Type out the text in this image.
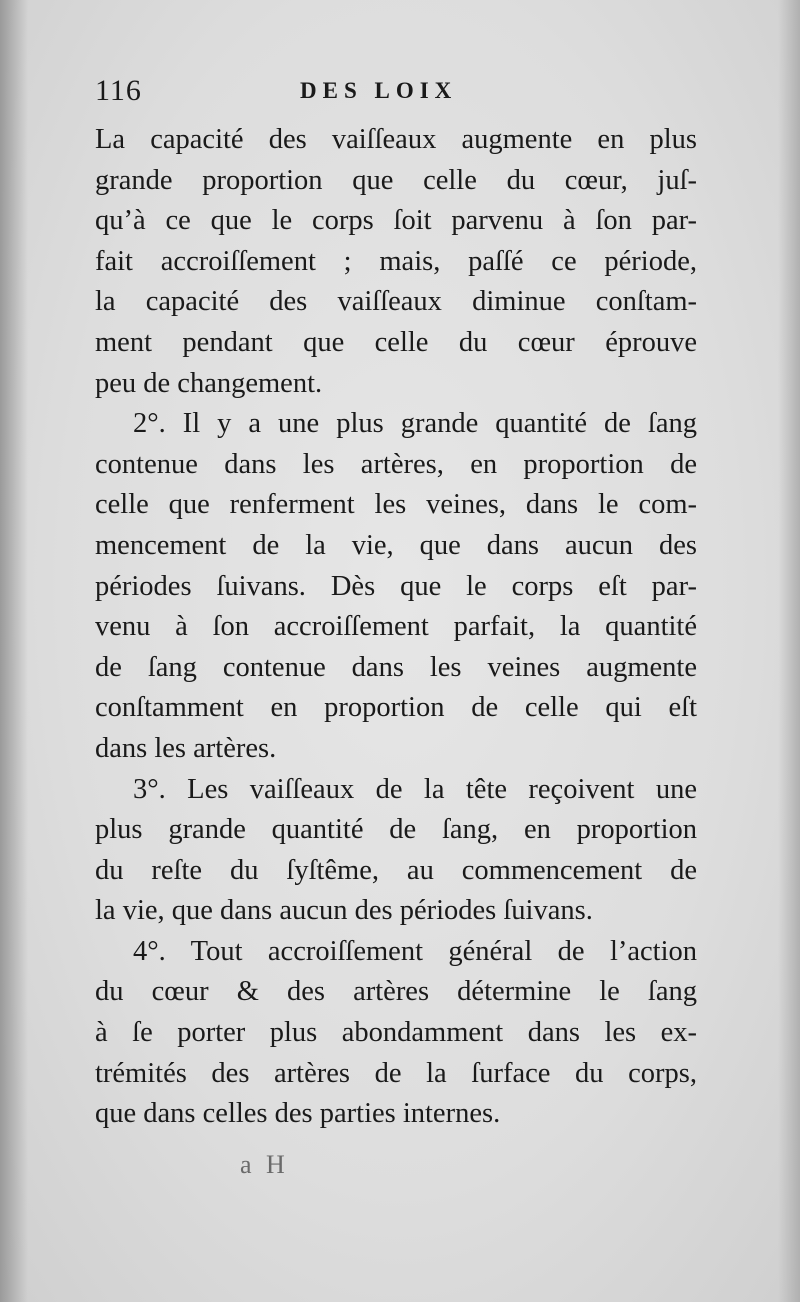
116	DES LOIX
La capacité des vaiſſeaux augmente en plus
grande proportion que celle du cœur, juſ-
qu’à ce que le corps ſoit parvenu à ſon par-
fait accroiſſement ; mais, paſſé ce période,
la capacité des vaiſſeaux diminue conſtam-
ment pendant que celle du cœur éprouve
peu de changement.
2°. Il y a une plus grande quantité de ſang
contenue dans les artères, en proportion de
celle que renferment les veines, dans le com-
mencement de la vie, que dans aucun des
périodes ſuivans. Dès que le corps eſt par-
venu à ſon accroiſſement parfait, la quantité
de ſang contenue dans les veines augmente
conſtamment en proportion de celle qui eſt
dans les artères.
3°. Les vaiſſeaux de la tête reçoivent une
plus grande quantité de ſang, en proportion
du reſte du ſyſtême, au commencement de
la vie, que dans aucun des périodes ſuivans.
4°. Tout accroiſſement général de l’action
du cœur & des artères détermine le ſang
à ſe porter plus abondamment dans les ex-
trémités des artères de la ſurface du corps,
que dans celles des parties internes.
a H
